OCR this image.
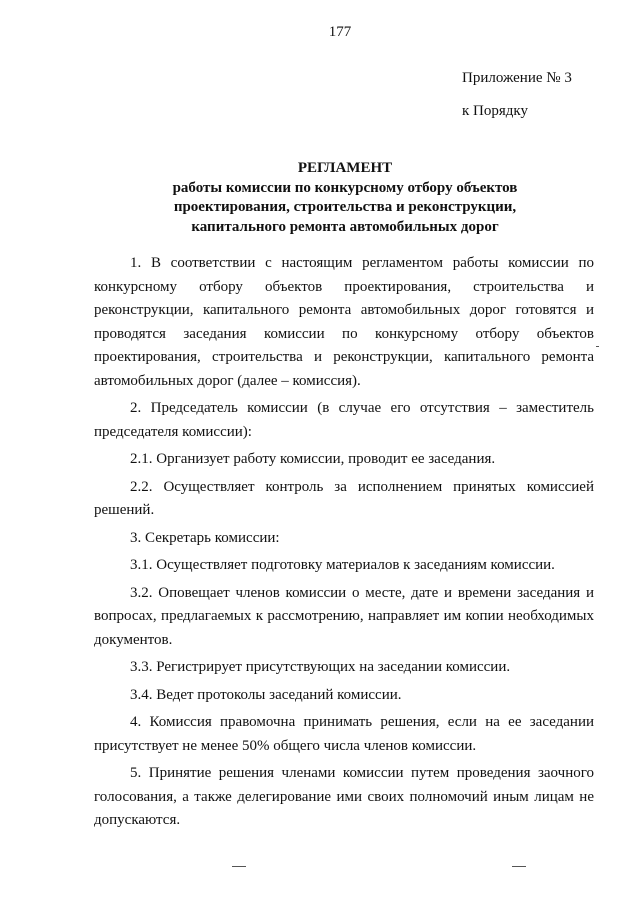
177
Приложение № 3
к Порядку
РЕГЛАМЕНТ
работы комиссии по конкурсному отбору объектов
проектирования, строительства и реконструкции,
капитального ремонта автомобильных дорог

1. В соответствии с настоящим регламентом работы комиссии по конкурсному отбору объектов проектирования, строительства и реконструкции, капитального ремонта автомобильных дорог готовятся и проводятся заседания комиссии по конкурсному отбору объектов проектирования, строительства и реконструкции, капитального ремонта автомобильных дорог (далее – комиссия).

2. Председатель комиссии (в случае его отсутствия – заместитель председателя комиссии):

2.1. Организует работу комиссии, проводит ее заседания.

2.2. Осуществляет контроль за исполнением принятых комиссией решений.

3. Секретарь комиссии:

3.1. Осуществляет подготовку материалов к заседаниям комиссии.

3.2. Оповещает членов комиссии о месте, дате и времени заседания и вопросах, предлагаемых к рассмотрению, направляет им копии необходимых документов.

3.3. Регистрирует присутствующих на заседании комиссии.

3.4. Ведет протоколы заседаний комиссии.

4. Комиссия правомочна принимать решения, если на ее заседании присутствует не менее 50% общего числа членов комиссии.

5. Принятие решения членами комиссии путем проведения заочного голосования, а также делегирование ими своих полномочий иным лицам не допускаются.
